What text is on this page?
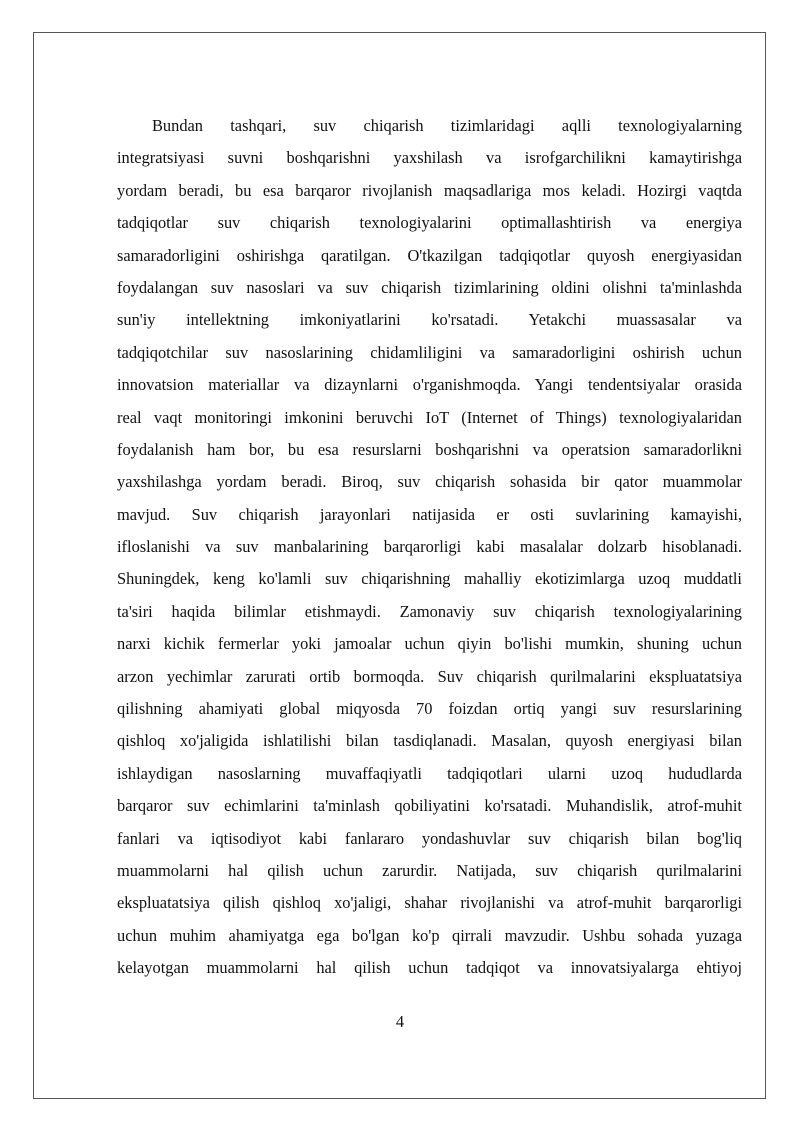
Bundan tashqari, suv chiqarish tizimlaridagi aqlli texnologiyalarning
integratsiyasi suvni boshqarishni yaxshilash va isrofgarchilikni kamaytirishga
yordam beradi, bu esa barqaror rivojlanish maqsadlariga mos keladi. Hozirgi vaqtda
tadqiqotlar suv chiqarish texnologiyalarini optimallashtirish va energiya
samaradorligini oshirishga qaratilgan. O'tkazilgan tadqiqotlar quyosh energiyasidan
foydalangan suv nasoslari va suv chiqarish tizimlarining oldini olishni ta'minlashda
sun'iy intellektning imkoniyatlarini ko'rsatadi. Yetakchi muassasalar va
tadqiqotchilar suv nasoslarining chidamliligini va samaradorligini oshirish uchun
innovatsion materiallar va dizaynlarni o'rganishmoqda. Yangi tendentsiyalar orasida
real vaqt monitoringi imkonini beruvchi IoT (Internet of Things) texnologiyalaridan
foydalanish ham bor, bu esa resurslarni boshqarishni va operatsion samaradorlikni
yaxshilashga yordam beradi. Biroq, suv chiqarish sohasida bir qator muammolar
mavjud. Suv chiqarish jarayonlari natijasida er osti suvlarining kamayishi,
ifloslanishi va suv manbalarining barqarorligi kabi masalalar dolzarb hisoblanadi.
Shuningdek, keng ko'lamli suv chiqarishning mahalliy ekotizimlarga uzoq muddatli
ta'siri haqida bilimlar etishmaydi. Zamonaviy suv chiqarish texnologiyalarining
narxi kichik fermerlar yoki jamoalar uchun qiyin bo'lishi mumkin, shuning uchun
arzon yechimlar zarurati ortib bormoqda. Suv chiqarish qurilmalarini ekspluatatsiya
qilishning ahamiyati global miqyosda 70 foizdan ortiq yangi suv resurslarining
qishloq xo'jaligida ishlatilishi bilan tasdiqlanadi. Masalan, quyosh energiyasi bilan
ishlaydigan nasoslarning muvaffaqiyatli tadqiqotlari ularni uzoq hududlarda
barqaror suv echimlarini ta'minlash qobiliyatini ko'rsatadi. Muhandislik, atrof-muhit
fanlari va iqtisodiyot kabi fanlararo yondashuvlar suv chiqarish bilan bog'liq
muammolarni hal qilish uchun zarurdir. Natijada, suv chiqarish qurilmalarini
ekspluatatsiya qilish qishloq xo'jaligi, shahar rivojlanishi va atrof-muhit barqarorligi
uchun muhim ahamiyatga ega bo'lgan ko'p qirrali mavzudir. Ushbu sohada yuzaga
kelayotgan muammolarni hal qilish uchun tadqiqot va innovatsiyalarga ehtiyoj
4
